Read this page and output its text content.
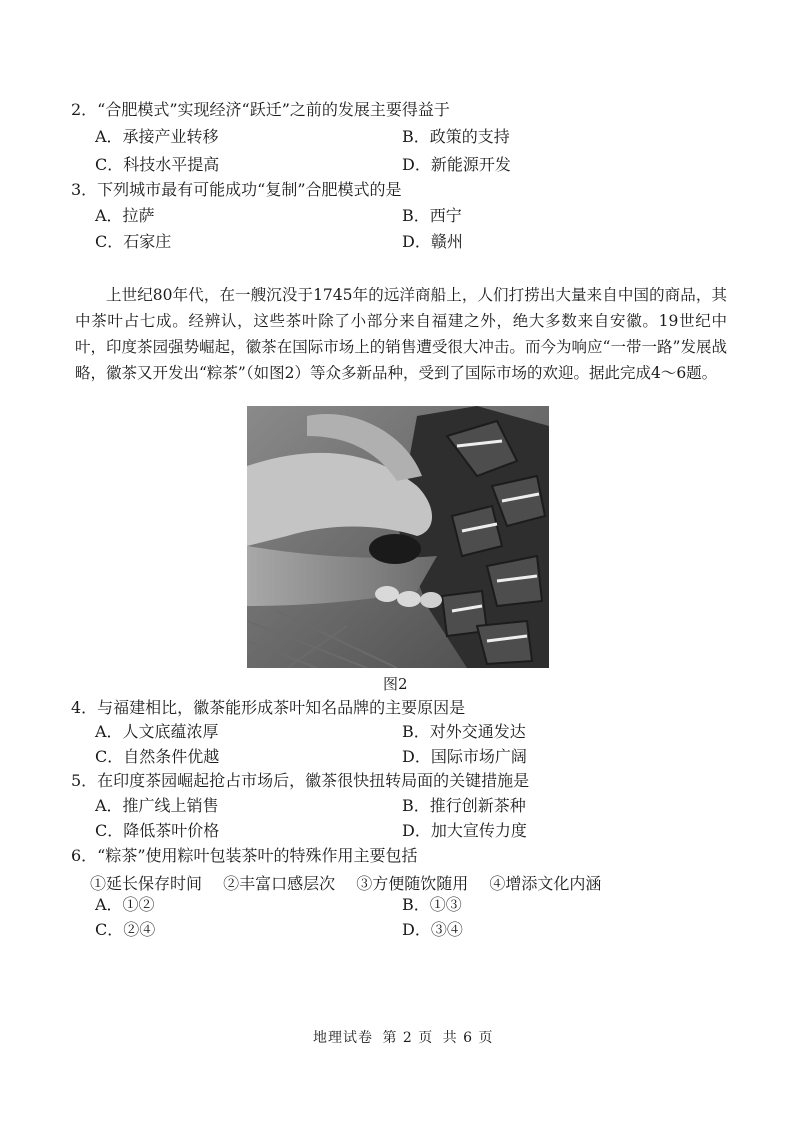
2．“合肥模式”实现经济“跃迁”之前的发展主要得益于
A．承接产业转移	B．政策的支持
C．科技水平提高	D．新能源开发
3．下列城市最有可能成功“复制”合肥模式的是
A．拉萨	B．西宁
C．石家庄	D．赣州

上世纪80年代，在一艘沉没于1745年的远洋商船上，人们打捞出大量来自中国的商品，其中茶叶占七成。经辨认，这些茶叶除了小部分来自福建之外，绝大多数来自安徽。19世纪中叶，印度茶园强势崛起，徽茶在国际市场上的销售遭受很大冲击。而今为响应“一带一路”发展战略，徽茶又开发出“粽茶”（如图2）等众多新品种，受到了国际市场的欢迎。据此完成4～6题。

图2
4．与福建相比，徽茶能形成茶叶知名品牌的主要原因是
A．人文底蕴浓厚	B．对外交通发达
C．自然条件优越	D．国际市场广阔
5．在印度茶园崛起抢占市场后，徽茶很快扭转局面的关键措施是
A．推广线上销售	B．推行创新茶种
C．降低茶叶价格	D．加大宣传力度
6．“粽茶”使用粽叶包装茶叶的特殊作用主要包括
①延长保存时间 ②丰富口感层次 ③方便随饮随用 ④增添文化内涵
A．①②	B．①③
C．②④	D．③④
地理试卷 第 2 页 共 6 页
